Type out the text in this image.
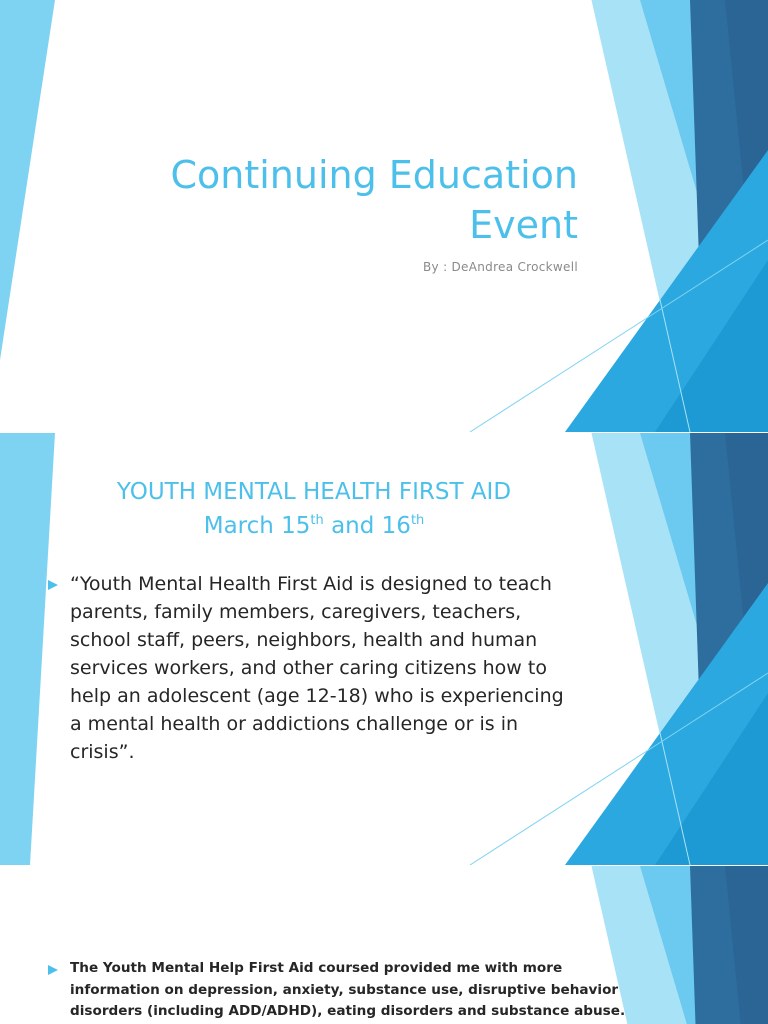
Continuing Education
Event
By : DeAndrea Crockwell
YOUTH MENTAL HEALTH FIRST AID
March 15th and 16th
“Youth Mental Health First Aid is designed to teach parents, family members, caregivers, teachers, school staff, peers, neighbors, health and human services workers, and other caring citizens how to help an adolescent (age 12-18) who is experiencing a mental health or addictions challenge or is in crisis”.

The Youth Mental Help First Aid coursed provided me with more information on depression, anxiety, substance use, disruptive behavior disorders (including ADD/ADHD), eating disorders and substance abuse.
